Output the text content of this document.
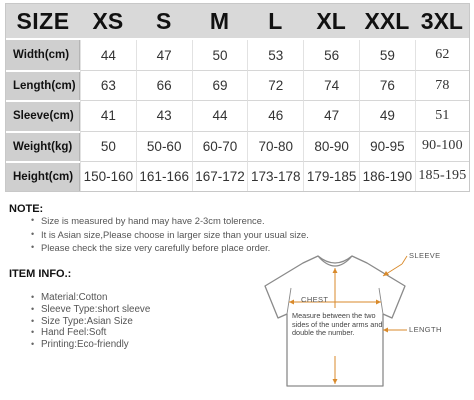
SIZE	XS	S	M	L	XL	XXL	3XL
Width(cm)	44	47	50	53	56	59	62
Length(cm)	63	66	69	72	74	76	78
Sleeve(cm)	41	43	44	46	47	49	51
Weight(kg)	50	50-60	60-70	70-80	80-90	90-95	90-100
Height(cm)	150-160	161-166	167-172	173-178	179-185	186-190	185-195
NOTE:
• Size is measured by hand may have 2-3cm tolerence.
• It is Asian size,Please choose in larger size than your usual size.
• Please check the size very carefully before place order.
ITEM INFO.:
• Material:Cotton
• Sleeve Type:short sleeve
• Size Type:Asian Size
• Hand Feel:Soft
• Printing:Eco-friendly
SLEEVE
CHEST
LENGTH
Measure between the two sides of the under arms and double the number.
